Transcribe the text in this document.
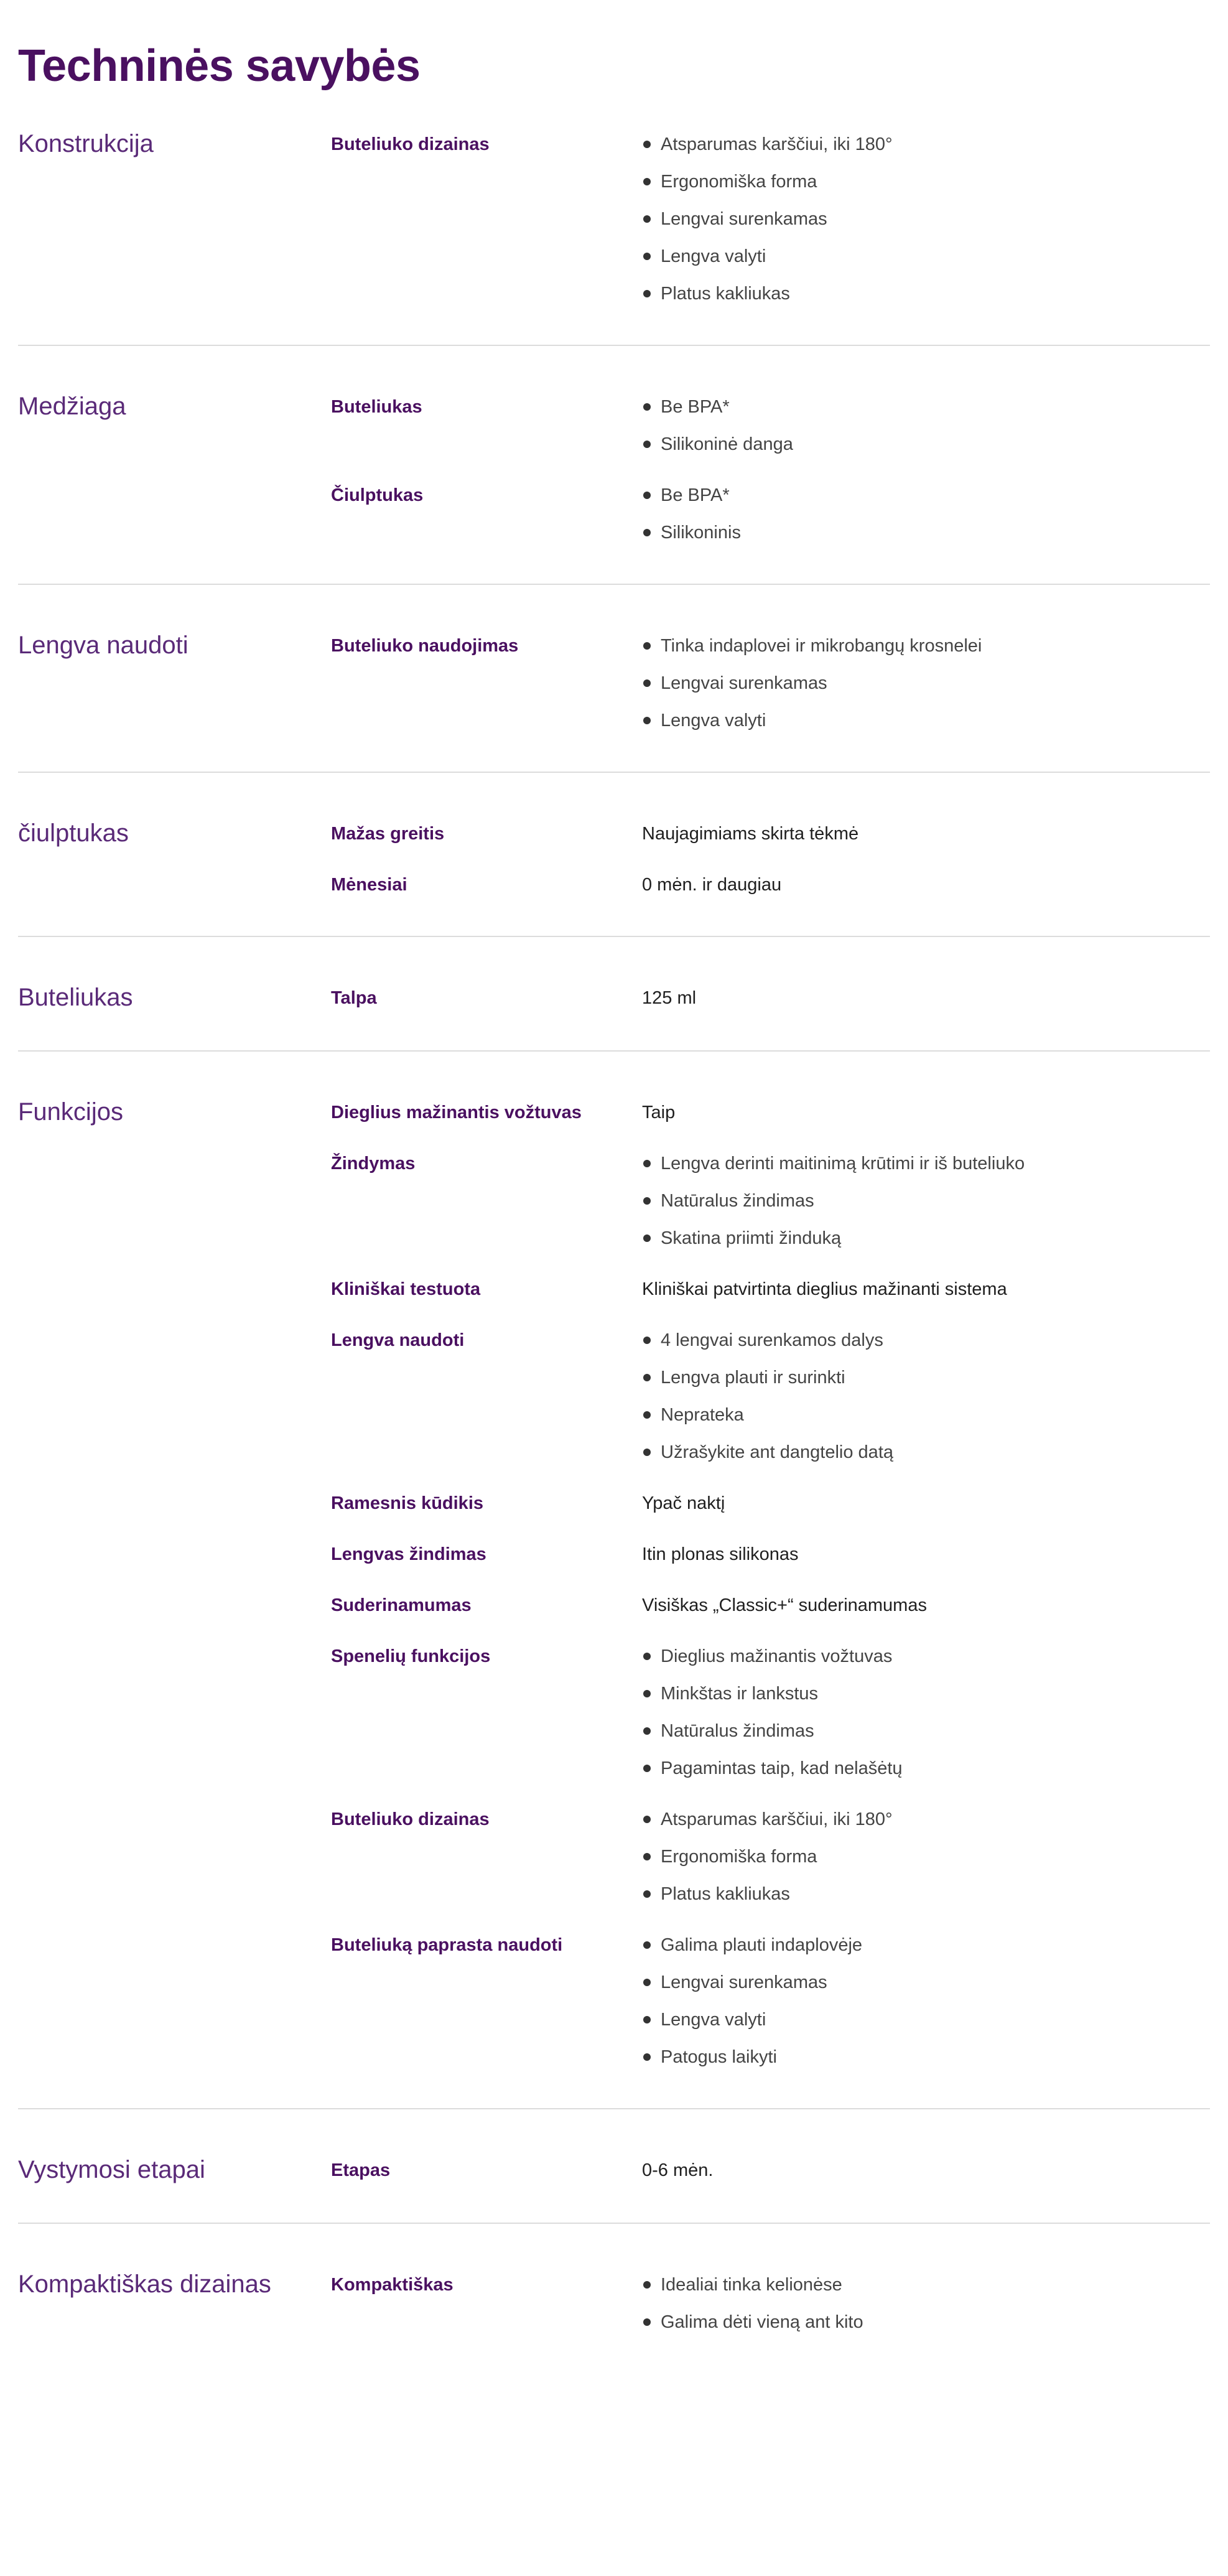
Techninės savybės
Konstrukcija	Buteliuko dizainas	Atsparumas karščiui, iki 180°
Ergonomiška forma
Lengvai surenkamas
Lengva valyti
Platus kakliukas
Medžiaga	Buteliukas	Be BPA*
Silikoninė danga
Čiulptukas	Be BPA*
Silikoninis
Lengva naudoti	Buteliuko naudojimas	Tinka indaplovei ir mikrobangų krosnelei
Lengvai surenkamas
Lengva valyti
čiulptukas	Mažas greitis	Naujagimiams skirta tėkmė
Mėnesiai	0 mėn. ir daugiau
Buteliukas	Talpa	125 ml
Funkcijos	Dieglius mažinantis vožtuvas	Taip
Žindymas	Lengva derinti maitinimą krūtimi ir iš buteliuko
Natūralus žindimas
Skatina priimti žinduką
Kliniškai testuota	Kliniškai patvirtinta dieglius mažinanti sistema
Lengva naudoti	4 lengvai surenkamos dalys
Lengva plauti ir surinkti
Neprateka
Užrašykite ant dangtelio datą
Ramesnis kūdikis	Ypač naktį
Lengvas žindimas	Itin plonas silikonas
Suderinamumas	Visiškas „Classic+“ suderinamumas
Spenelių funkcijos	Dieglius mažinantis vožtuvas
Minkštas ir lankstus
Natūralus žindimas
Pagamintas taip, kad nelašėtų
Buteliuko dizainas	Atsparumas karščiui, iki 180°
Ergonomiška forma
Platus kakliukas
Buteliuką paprasta naudoti	Galima plauti indaplovėje
Lengvai surenkamas
Lengva valyti
Patogus laikyti
Vystymosi etapai	Etapas	0-6 mėn.
Kompaktiškas dizainas	Kompaktiškas	Idealiai tinka kelionėse
Galima dėti vieną ant kito
